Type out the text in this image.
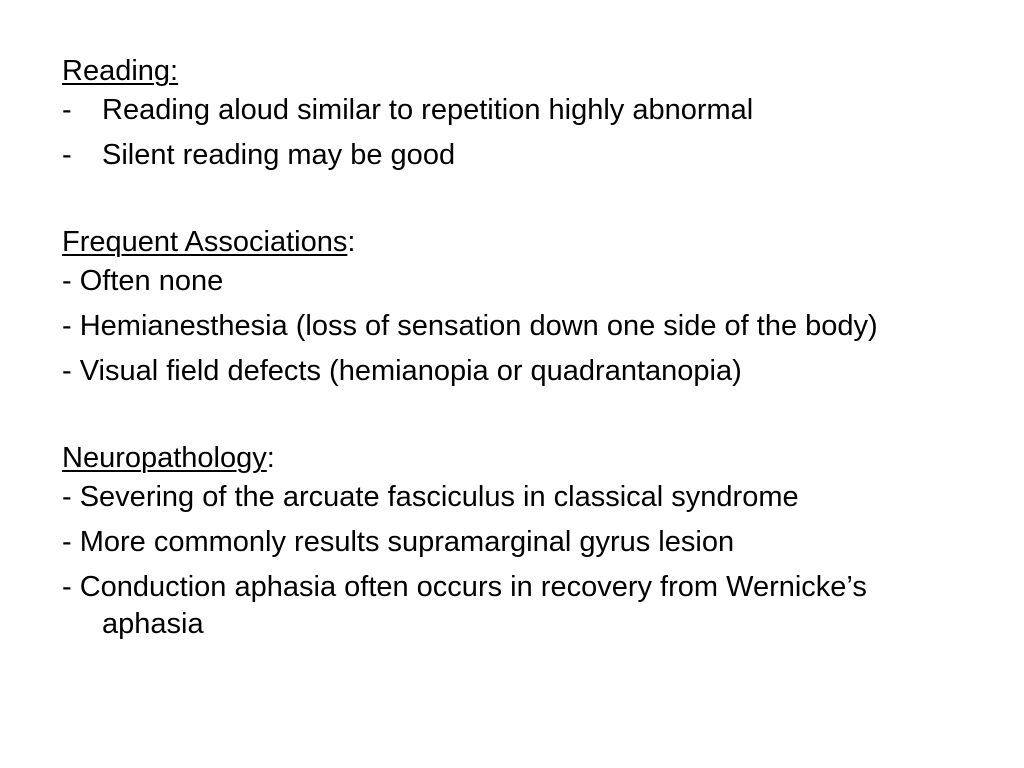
Reading:

-	Reading aloud similar to repetition highly abnormal
-	Silent reading may be good

Frequent Associations:

- Often none

- Hemianesthesia (loss of sensation down one side of the body)

- Visual field defects (hemianopia or quadrantanopia)

Neuropathology:

- Severing of the arcuate fasciculus in classical syndrome

- More commonly results supramarginal gyrus lesion

- Conduction aphasia often occurs in recovery from Wernicke’s aphasia
